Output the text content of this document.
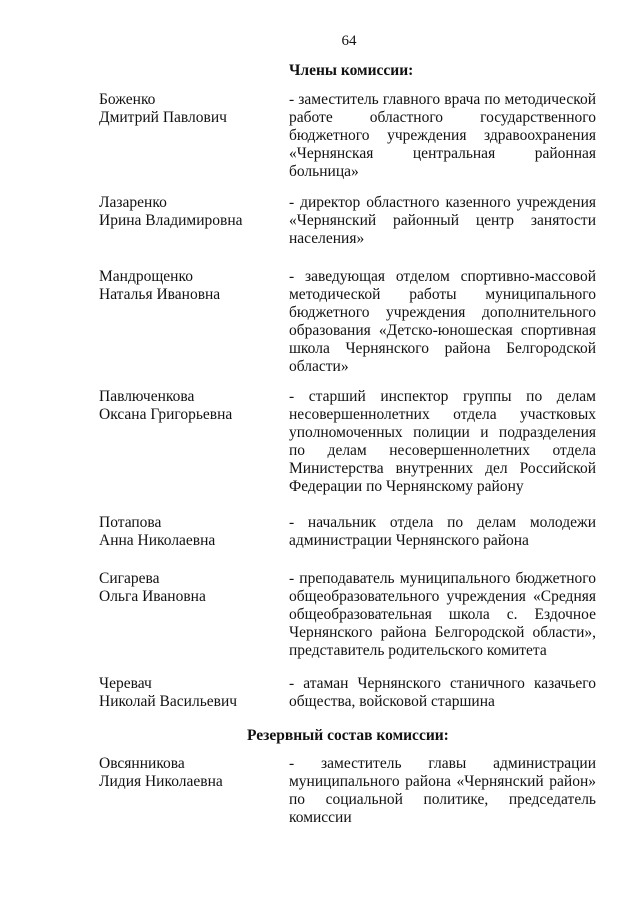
64
Члены комиссии:
Боженко
Дмитрий Павлович
- заместитель главного врача по методической работе областного государственного бюджетного учреждения здравоохранения «Чернянская центральная районная больница»
Лазаренко
Ирина Владимировна
- директор областного казенного учреждения «Чернянский районный центр занятости населения»
Мандрощенко
Наталья Ивановна
- заведующая отделом спортивно-массовой методической работы муниципального бюджетного учреждения дополнительного образования «Детско-юношеская спортивная школа Чернянского района Белгородской области»
Павлюченкова
Оксана Григорьевна
- старший инспектор группы по делам несовершеннолетних отдела участковых уполномоченных полиции и подразделения по делам несовершеннолетних отдела Министерства внутренних дел Российской Федерации по Чернянскому району
Потапова
Анна Николаевна
- начальник отдела по делам молодежи администрации Чернянского района
Сигарева
Ольга Ивановна
- преподаватель муниципального бюджетного общеобразовательного учреждения «Средняя общеобразовательная школа с. Ездочное Чернянского района Белгородской области», представитель родительского комитета
Черевач
Николай Васильевич
- атаман Чернянского станичного казачьего общества, войсковой старшина
Резервный состав комиссии:
Овсянникова
Лидия Николаевна
- заместитель главы администрации муниципального района «Чернянский район» по социальной политике, председатель комиссии
